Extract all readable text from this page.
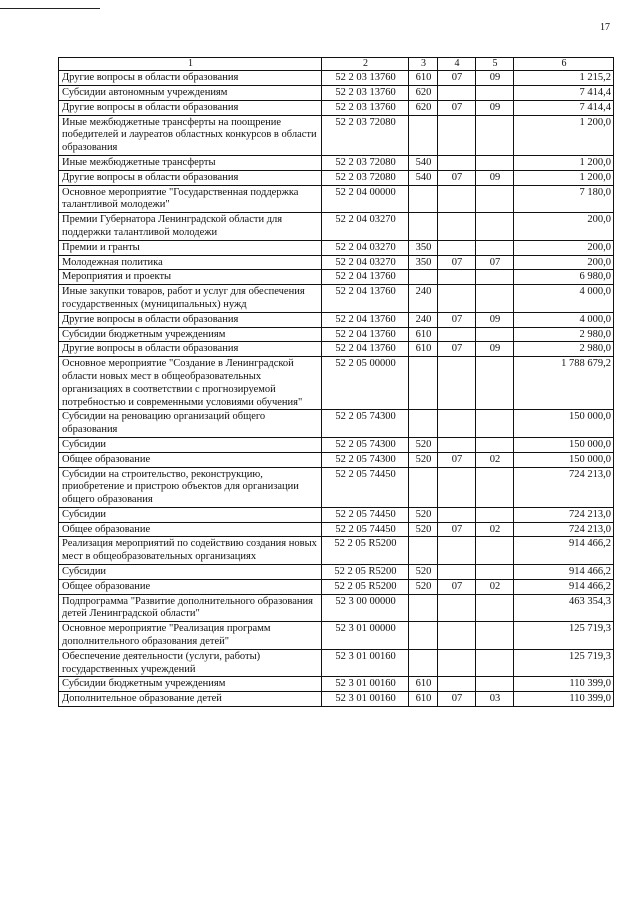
17
1	2	3	4	5	6
Другие вопросы в области образования	52 2 03 13760	610	07	09	1 215,2
Субсидии автономным учреждениям	52 2 03 13760	620			7 414,4
Другие вопросы в области образования	52 2 03 13760	620	07	09	7 414,4
Иные межбюджетные трансферты на поощрение победителей и лауреатов областных конкурсов в области образования	52 2 03 72080				1 200,0
Иные межбюджетные трансферты	52 2 03 72080	540			1 200,0
Другие вопросы в области образования	52 2 03 72080	540	07	09	1 200,0
Основное мероприятие "Государственная поддержка талантливой молодежи"	52 2 04 00000				7 180,0
Премии Губернатора Ленинградской области для поддержки талантливой молодежи	52 2 04 03270				200,0
Премии и гранты	52 2 04 03270	350			200,0
Молодежная политика	52 2 04 03270	350	07	07	200,0
Мероприятия и проекты	52 2 04 13760				6 980,0
Иные закупки товаров, работ и услуг для обеспечения государственных (муниципальных) нужд	52 2 04 13760	240			4 000,0
Другие вопросы в области образования	52 2 04 13760	240	07	09	4 000,0
Субсидии бюджетным учреждениям	52 2 04 13760	610			2 980,0
Другие вопросы в области образования	52 2 04 13760	610	07	09	2 980,0
Основное мероприятие "Создание в Ленинградской области новых мест в общеобразовательных организациях в соответствии с прогнозируемой потребностью и современными условиями обучения"	52 2 05 00000				1 788 679,2
Субсидии на реновацию организаций общего образования	52 2 05 74300				150 000,0
Субсидии	52 2 05 74300	520			150 000,0
Общее образование	52 2 05 74300	520	07	02	150 000,0
Субсидии на строительство, реконструкцию, приобретение и пристрою объектов для организации общего образования	52 2 05 74450				724 213,0
Субсидии	52 2 05 74450	520			724 213,0
Общее образование	52 2 05 74450	520	07	02	724 213,0
Реализация мероприятий по содействию создания новых мест в общеобразовательных организациях	52 2 05 R5200				914 466,2
Субсидии	52 2 05 R5200	520			914 466,2
Общее образование	52 2 05 R5200	520	07	02	914 466,2
Подпрограмма "Развитие дополнительного образования детей Ленинградской области"	52 3 00 00000				463 354,3
Основное мероприятие "Реализация программ дополнительного образования детей"	52 3 01 00000				125 719,3
Обеспечение деятельности (услуги, работы) государственных учреждений	52 3 01 00160				125 719,3
Субсидии бюджетным учреждениям	52 3 01 00160	610			110 399,0
Дополнительное образование детей	52 3 01 00160	610	07	03	110 399,0
